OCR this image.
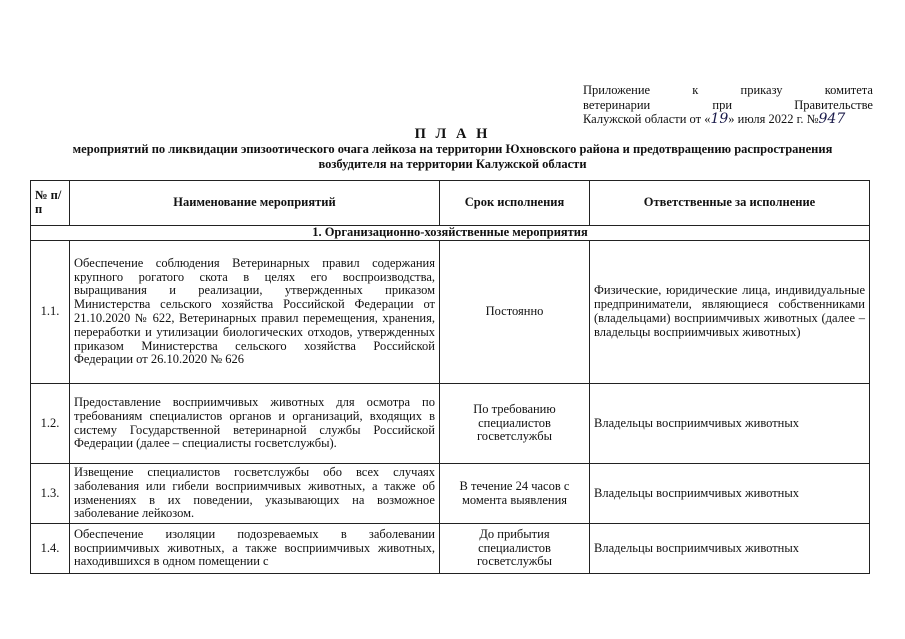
Приложение	к	приказу	комитета
ветеринарии	при	Правительстве
Калужской области от « 19 » июля 2022 г. № 947
П Л А Н
мероприятий по ликвидации эпизоотического очага лейкоза на территории Юхновского района и предотвращению распространения возбудителя на территории Калужской области
№ п/п	Наименование мероприятий	Срок исполнения	Ответственные за исполнение
1. Организационно-хозяйственные мероприятия			
1.1.	Обеспечение соблюдения Ветеринарных правил содержания крупного рогатого скота в целях его воспроизводства, выращивания и реализации, утвержденных приказом Министерства сельского хозяйства Российской Федерации от 21.10.2020 № 622, Ветеринарных правил перемещения, хранения, переработки и утилизации биологических отходов, утвержденных приказом Министерства сельского хозяйства Российской Федерации от 26.10.2020 № 626	Постоянно	Физические, юридические лица, индивидуальные предприниматели, являющиеся собственниками (владельцами) восприимчивых животных (далее – владельцы восприимчивых животных)
1.2.	Предоставление восприимчивых животных для осмотра по требованиям специалистов органов и организаций, входящих в систему Государственной ветеринарной службы Российской Федерации (далее – специалисты госветслужбы).	По требованию специалистов госветслужбы	Владельцы восприимчивых животных
1.3.	Извещение специалистов госветслужбы обо всех случаях заболевания или гибели восприимчивых животных, а также об изменениях в их поведении, указывающих на возможное заболевание лейкозом.	В течение 24 часов с момента выявления	Владельцы восприимчивых животных
1.4.	Обеспечение изоляции подозреваемых в заболевании восприимчивых животных, а также восприимчивых животных, находившихся в одном помещении с	До прибытия специалистов госветслужбы	Владельцы восприимчивых животных
